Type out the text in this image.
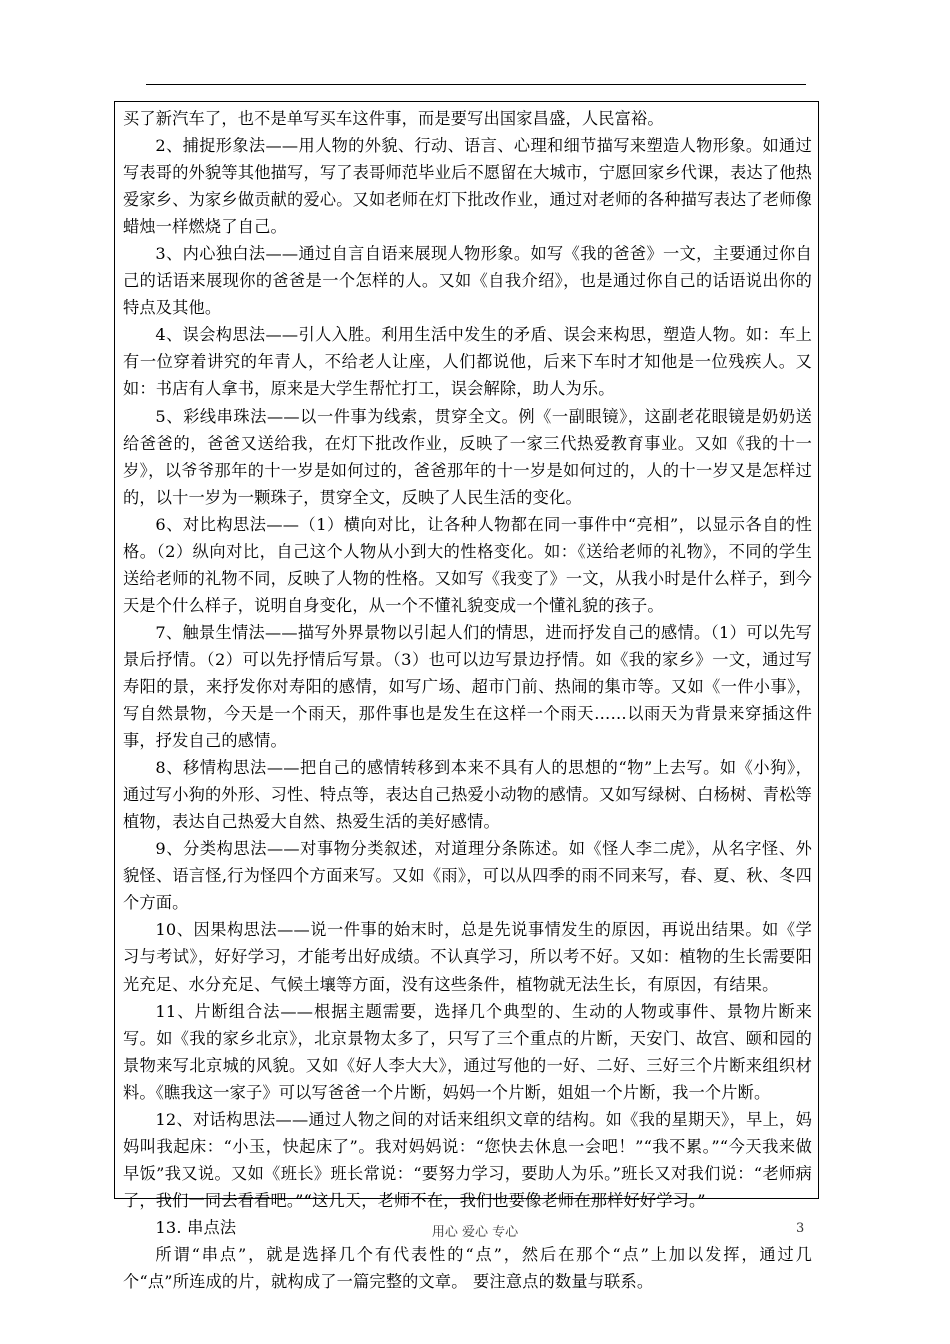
买了新汽车了，也不是单写买车这件事，而是要写出国家昌盛，人民富裕。

2、捕捉形象法——用人物的外貌、行动、语言、心理和细节描写来塑造人物形象。如通过写表哥的外貌等其他描写，写了表哥师范毕业后不愿留在大城市，宁愿回家乡代课，表达了他热爱家乡、为家乡做贡献的爱心。又如老师在灯下批改作业，通过对老师的各种描写表达了老师像蜡烛一样燃烧了自己。

3、内心独白法——通过自言自语来展现人物形象。如写《我的爸爸》一文，主要通过你自己的话语来展现你的爸爸是一个怎样的人。又如《自我介绍》，也是通过你自己的话语说出你的特点及其他。

4、误会构思法——引人入胜。利用生活中发生的矛盾、误会来构思，塑造人物。如：车上有一位穿着讲究的年青人，不给老人让座，人们都说他，后来下车时才知他是一位残疾人。又如：书店有人拿书，原来是大学生帮忙打工，误会解除，助人为乐。

5、彩线串珠法——以一件事为线索，贯穿全文。例《一副眼镜》，这副老花眼镜是奶奶送给爸爸的，爸爸又送给我，在灯下批改作业，反映了一家三代热爱教育事业。又如《我的十一岁》，以爷爷那年的十一岁是如何过的，爸爸那年的十一岁是如何过的，人的十一岁又是怎样过的，以十一岁为一颗珠子，贯穿全文，反映了人民生活的变化。

6、对比构思法——（1）横向对比，让各种人物都在同一事件中“亮相”，以显示各自的性格。（2）纵向对比，自己这个人物从小到大的性格变化。如：《送给老师的礼物》，不同的学生送给老师的礼物不同，反映了人物的性格。又如写《我变了》一文，从我小时是什么样子，到今天是个什么样子，说明自身变化，从一个不懂礼貌变成一个懂礼貌的孩子。

7、触景生情法——描写外界景物以引起人们的情思，进而抒发自己的感情。（1）可以先写景后抒情。（2）可以先抒情后写景。（3）也可以边写景边抒情。如《我的家乡》一文，通过写寿阳的景，来抒发你对寿阳的感情，如写广场、超市门前、热闹的集市等。又如《一件小事》，写自然景物，今天是一个雨天，那件事也是发生在这样一个雨天……以雨天为背景来穿插这件事，抒发自己的感情。

8、移情构思法——把自己的感情转移到本来不具有人的思想的“物”上去写。如《小狗》，通过写小狗的外形、习性、特点等，表达自己热爱小动物的感情。又如写绿树、白杨树、青松等植物，表达自己热爱大自然、热爱生活的美好感情。

9、分类构思法——对事物分类叙述，对道理分条陈述。如《怪人李二虎》，从名字怪、外貌怪、语言怪,行为怪四个方面来写。又如《雨》，可以从四季的雨不同来写，春、夏、秋、冬四个方面。

10、因果构思法——说一件事的始末时，总是先说事情发生的原因，再说出结果。如《学习与考试》，好好学习，才能考出好成绩。不认真学习，所以考不好。又如：植物的生长需要阳光充足、水分充足、气候土壤等方面，没有这些条件，植物就无法生长，有原因，有结果。

11、片断组合法——根据主题需要，选择几个典型的、生动的人物或事件、景物片断来写。如《我的家乡北京》，北京景物太多了，只写了三个重点的片断，天安门、故宫、颐和园的景物来写北京城的风貌。又如《好人李大大》，通过写他的一好、二好、三好三个片断来组织材料。《瞧我这一家子》可以写爸爸一个片断，妈妈一个片断，姐姐一个片断，我一个片断。

12、对话构思法——通过人物之间的对话来组织文章的结构。如《我的星期天》，早上，妈妈叫我起床：“小玉，快起床了”。我对妈妈说：“您快去休息一会吧！”“我不累。”“今天我来做早饭”我又说。又如《班长》班长常说：“要努力学习，要助人为乐。”班长又对我们说：“老师病了，我们一同去看看吧。”“这几天，老师不在，我们也要像老师在那样好好学习。”

13. 串点法

所谓“串点”，就是选择几个有代表性的“点”，然后在那个“点”上加以发挥，通过几个“点”所连成的片，就构成了一篇完整的文章。 要注意点的数量与联系。

用心 爱心 专心	3
